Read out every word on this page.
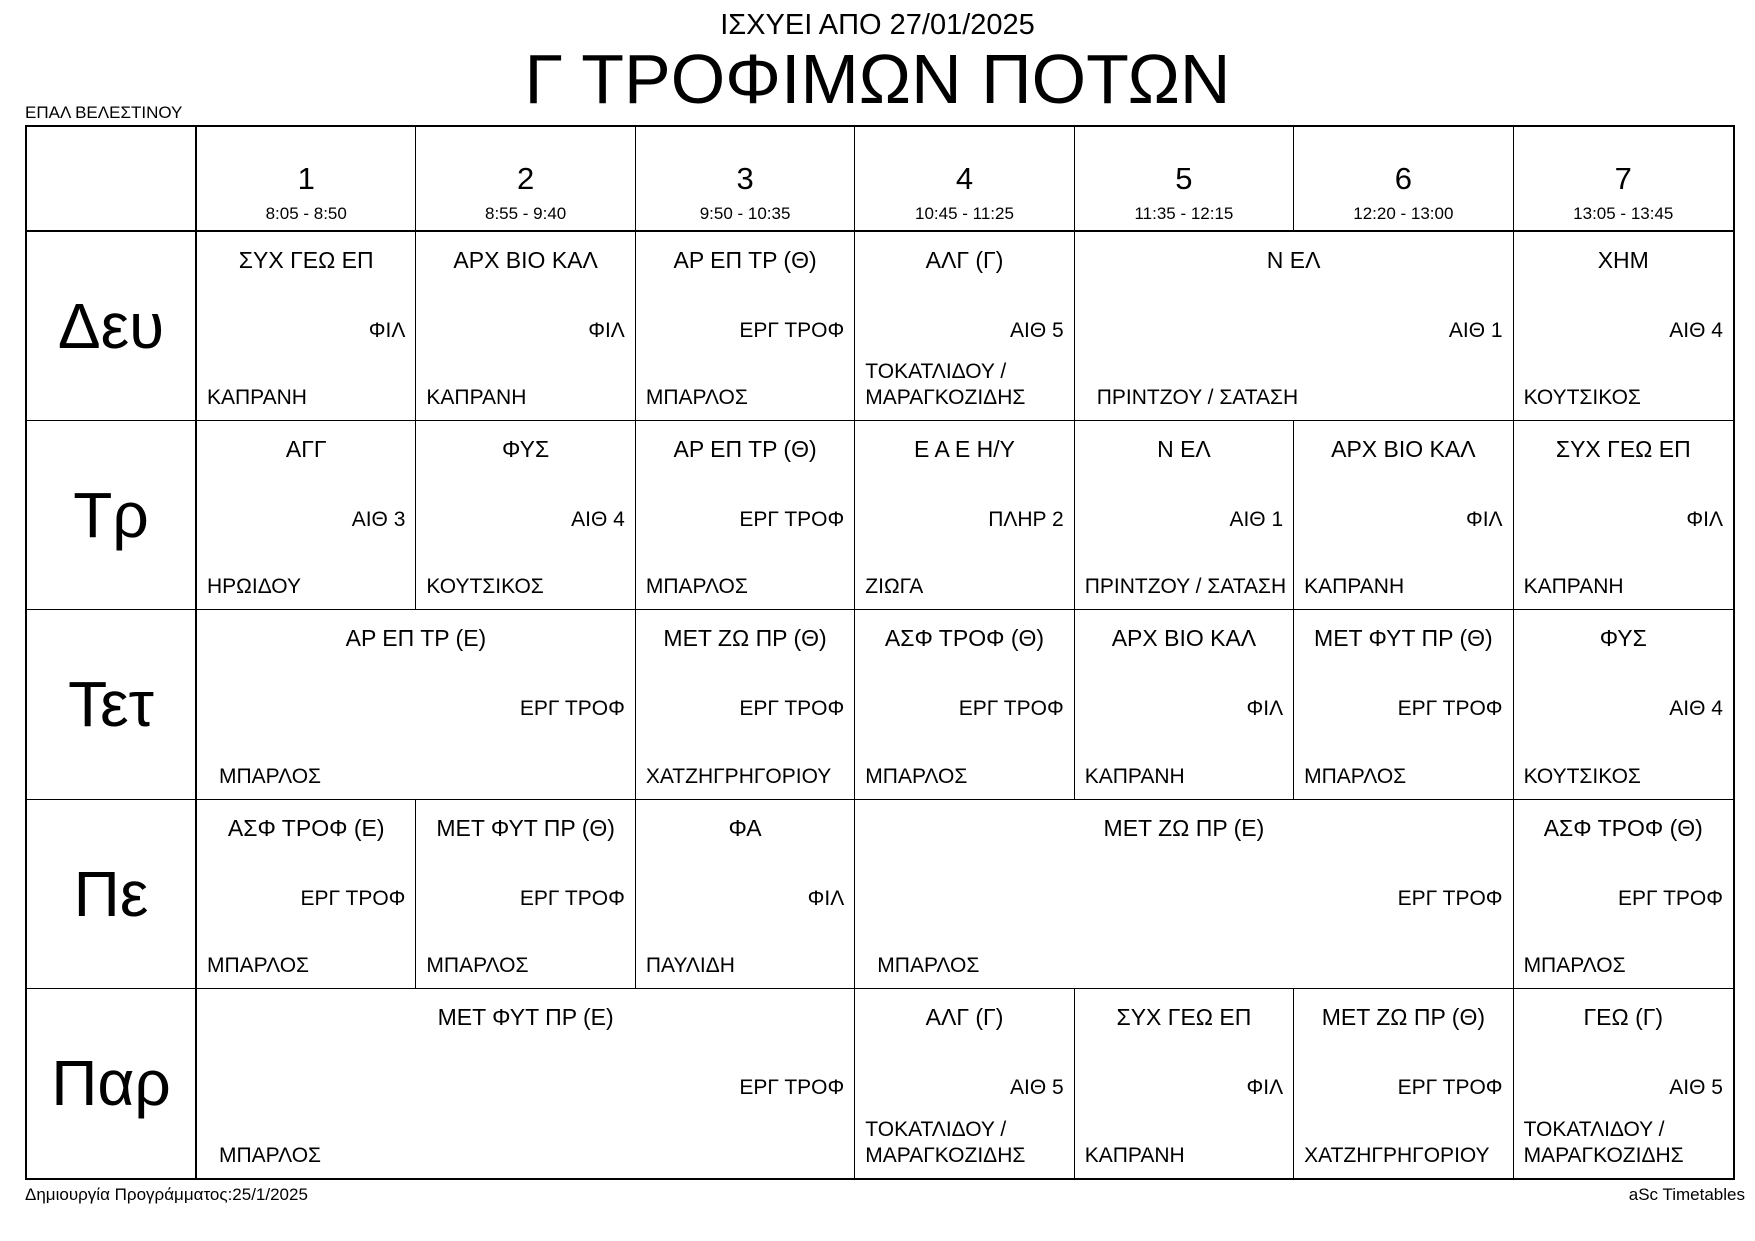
ΙΣΧΥΕΙ ΑΠΟ 27/01/2025
Γ ΤΡΟΦΙΜΩΝ ΠΟΤΩΝ
ΕΠΑΛ ΒΕΛΕΣΤΙΝΟΥ
1
8:05 - 8:50
2
8:55 - 9:40
3
9:50 - 10:35
4
10:45 - 11:25
5
11:35 - 12:15
6
12:20 - 13:00
7
13:05 - 13:45
Δευ
Τρ
Τετ
Πε
Παρ
ΣΥΧ ΓΕΩ ΕΠ
ΦΙΛ
ΚΑΠΡΑΝΗ
ΑΡΧ ΒΙΟ ΚΑΛ
ΦΙΛ
ΚΑΠΡΑΝΗ
ΑΡ ΕΠ ΤΡ (Θ)
ΕΡΓ ΤΡΟΦ
ΜΠΑΡΛΟΣ
ΑΛΓ (Γ)
ΑΙΘ 5
ΤΟΚΑΤΛΙΔΟΥ / ΜΑΡΑΓΚΟΖΙΔΗΣ
Ν ΕΛ
ΑΙΘ 1
ΠΡΙΝΤΖΟΥ / ΣΑΤΑΣΗ
ΧΗΜ
ΑΙΘ 4
ΚΟΥΤΣΙΚΟΣ
ΑΓΓ
ΑΙΘ 3
ΗΡΩΙΔΟΥ
ΦΥΣ
ΑΙΘ 4
ΚΟΥΤΣΙΚΟΣ
ΑΡ ΕΠ ΤΡ (Θ)
ΕΡΓ ΤΡΟΦ
ΜΠΑΡΛΟΣ
Ε Α Ε Η/Υ
ΠΛΗΡ 2
ΖΙΩΓΑ
Ν ΕΛ
ΑΙΘ 1
ΠΡΙΝΤΖΟΥ / ΣΑΤΑΣΗ
ΑΡΧ ΒΙΟ ΚΑΛ
ΦΙΛ
ΚΑΠΡΑΝΗ
ΣΥΧ ΓΕΩ ΕΠ
ΦΙΛ
ΚΑΠΡΑΝΗ
ΑΡ ΕΠ ΤΡ (Ε)
ΕΡΓ ΤΡΟΦ
ΜΠΑΡΛΟΣ
ΜΕΤ ΖΩ ΠΡ (Θ)
ΕΡΓ ΤΡΟΦ
ΧΑΤΖΗΓΡΗΓΟΡΙΟΥ
ΑΣΦ ΤΡΟΦ (Θ)
ΕΡΓ ΤΡΟΦ
ΜΠΑΡΛΟΣ
ΑΡΧ ΒΙΟ ΚΑΛ
ΦΙΛ
ΚΑΠΡΑΝΗ
ΜΕΤ ΦΥΤ ΠΡ (Θ)
ΕΡΓ ΤΡΟΦ
ΜΠΑΡΛΟΣ
ΦΥΣ
ΑΙΘ 4
ΚΟΥΤΣΙΚΟΣ
ΑΣΦ ΤΡΟΦ (Ε)
ΕΡΓ ΤΡΟΦ
ΜΠΑΡΛΟΣ
ΜΕΤ ΦΥΤ ΠΡ (Θ)
ΕΡΓ ΤΡΟΦ
ΜΠΑΡΛΟΣ
ΦΑ
ΦΙΛ
ΠΑΥΛΙΔΗ
ΜΕΤ ΖΩ ΠΡ (Ε)
ΕΡΓ ΤΡΟΦ
ΜΠΑΡΛΟΣ
ΑΣΦ ΤΡΟΦ (Θ)
ΕΡΓ ΤΡΟΦ
ΜΠΑΡΛΟΣ
ΜΕΤ ΦΥΤ ΠΡ (Ε)
ΕΡΓ ΤΡΟΦ
ΜΠΑΡΛΟΣ
ΑΛΓ (Γ)
ΑΙΘ 5
ΤΟΚΑΤΛΙΔΟΥ / ΜΑΡΑΓΚΟΖΙΔΗΣ
ΣΥΧ ΓΕΩ ΕΠ
ΦΙΛ
ΚΑΠΡΑΝΗ
ΜΕΤ ΖΩ ΠΡ (Θ)
ΕΡΓ ΤΡΟΦ
ΧΑΤΖΗΓΡΗΓΟΡΙΟΥ
ΓΕΩ (Γ)
ΑΙΘ 5
ΤΟΚΑΤΛΙΔΟΥ / ΜΑΡΑΓΚΟΖΙΔΗΣ
Δημιουργία Προγράμματος:25/1/2025	aSc Timetables
